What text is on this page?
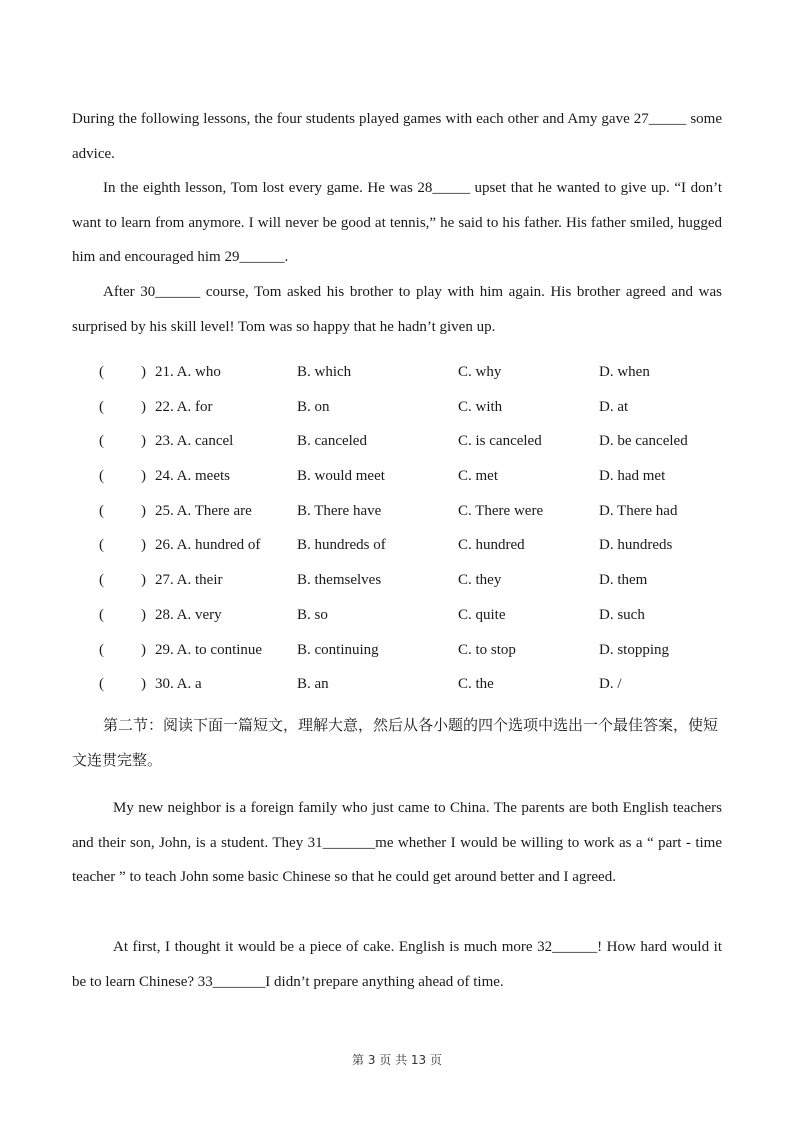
During the following lessons, the four students played games with each other and Amy gave 27_____ some advice.

In the eighth lesson, Tom lost every game. He was 28_____ upset that he wanted to give up. “I don’t want to learn from anymore. I will never be good at tennis,” he said to his father. His father smiled, hugged him and encouraged him 29______.

After 30______ course, Tom asked his brother to play with him again. His brother agreed and was surprised by his skill level! Tom was so happy that he hadn’t given up.

( ) 21. A. who	B. which	C. why	D. when
( ) 22. A. for	B. on	C. with	D. at
( ) 23. A. cancel	B. canceled	C. is canceled	D. be canceled
( ) 24. A. meets	B. would meet	C. met	D. had met
( ) 25. A. There are	B. There have	C. There were	D. There had
( ) 26. A. hundred of B. hundreds of	C. hundred	D. hundreds
( ) 27. A. their	B. themselves	C. they	D. them
( ) 28. A. very	B. so	C. quite	D. such
( ) 29. A. to continue B. continuing	C. to stop	D. stopping
( ) 30. A. a	B. an	C. the	D. /

第二节：阅读下面一篇短文，理解大意，然后从各小题的四个选项中选出一个最佳答案，使短文连贯完整。

My new neighbor is a foreign family who just came to China. The parents are both English teachers and their son, John, is a student. They 31_______me whether I would be willing to work as a “ part - time teacher ” to teach John some basic Chinese so that he could get around better and I agreed.

At first, I thought it would be a piece of cake. English is much more 32______! How hard would it be to learn Chinese? 33_______I didn’t prepare anything ahead of time.

第 3 页 共 13 页
